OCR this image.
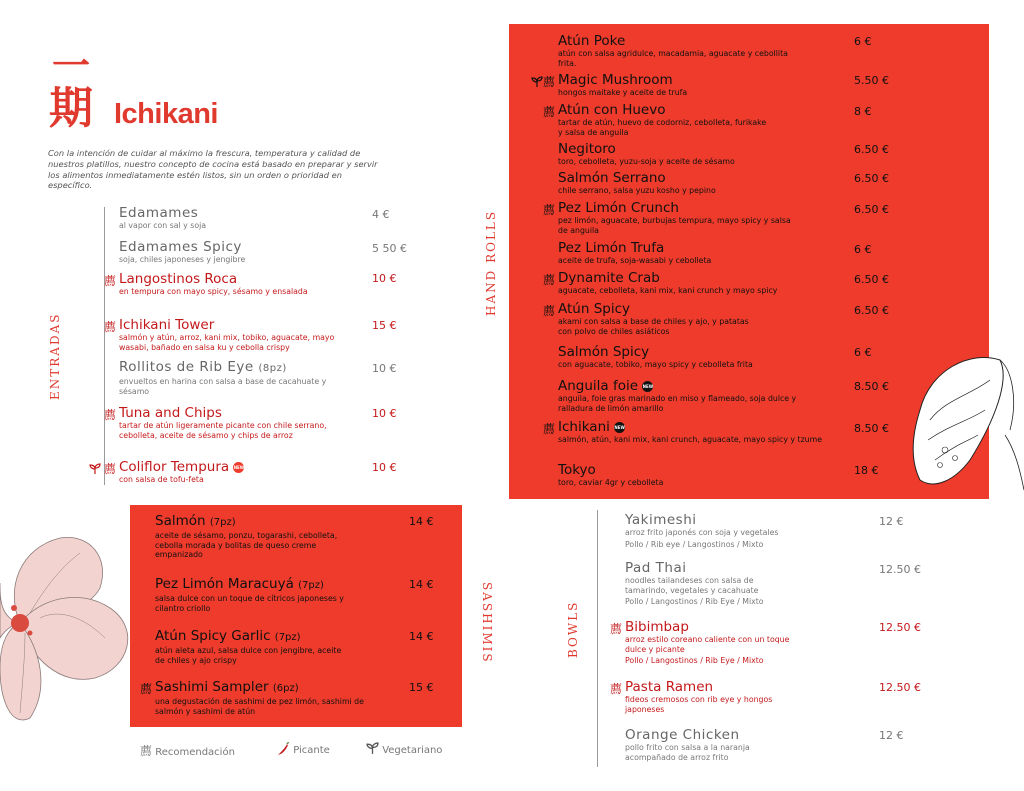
一
期 Ichikani
Con la intención de cuidar al máximo la frescura, temperatura y calidad de nuestros platillos, nuestro concepto de cocina está basado en preparar y servir los alimentos inmediatamente estén listos, sin un orden o prioridad en específico.
ENTRADAS
Edamames
al vapor con sal y soja
4 €
Edamames Spicy
soja, chiles japoneses y jengibre
5 50 €
薦 Langostinos Roca
en tempura con mayo spicy, sésamo y ensalada
10 €
薦 Ichikani Tower
salmón y atún, arroz, kani mix, tobiko, aguacate, mayo wasabi, bañado en salsa ku y cebolla crispy
15 €
Rollitos de Rib Eye (8pz)
envueltos en harina con salsa a base de cacahuate y sésamo
10 €
薦 Tuna and Chips
tartar de atún ligeramente picante con chile serrano, cebolleta, aceite de sésamo y chips de arroz
10 €
薦 Coliflor Tempura NEW
con salsa de tofu-feta
10 €
HAND ROLLS
Atún Poke
atún con salsa agridulce, macadamia, aguacate y cebollita frita.
6 €
薦 Magic Mushroom
hongos maitake y aceite de trufa
5.50 €
薦 Atún con Huevo
tartar de atún, huevo de codorniz, cebolleta, furikake y salsa de anguila
8 €
Negitoro
toro, cebolleta, yuzu-soja y aceite de sésamo
6.50 €
Salmón Serrano
chile serrano, salsa yuzu kosho y pepino
6.50 €
薦 Pez Limón Crunch
pez limón, aguacate, burbujas tempura, mayo spicy y salsa de anguila
6.50 €
Pez Limón Trufa
aceite de trufa, soja-wasabi y cebolleta
6 €
薦 Dynamite Crab
aguacate, cebolleta, kani mix, kani crunch y mayo spicy
6.50 €
薦 Atún Spicy
akami con salsa a base de chiles y ajo, y patatas con polvo de chiles asiáticos
6.50 €
Salmón Spicy
con aguacate, tobiko, mayo spicy y cebolleta frita
6 €
Anguila foie NEW
anguila, foie gras marinado en miso y flameado, soja dulce y ralladura de limón amarillo
8.50 €
薦 Ichikani NEW
salmón, atún, kani mix, kani crunch, aguacate, mayo spicy y tzume
8.50 €
Tokyo
toro, caviar 4gr y cebolleta
18 €
SASHIMIS
Salmón (7pz)
aceite de sésamo, ponzu, togarashi, cebolleta, cebolla morada y bolitas de queso creme empanizado
14 €
Pez Limón Maracuyá (7pz)
salsa dulce con un toque de cítricos japoneses y cilantro criollo
14 €
Atún Spicy Garlic (7pz)
atún aleta azul, salsa dulce con jengibre, aceite de chiles y ajo crispy
14 €
薦 Sashimi Sampler (6pz)
una degustación de sashimi de pez limón, sashimi de salmón y sashimi de atún
15 €
BOWLS
Yakimeshi
arroz frito japonés con soja y vegetales
Pollo / Rib eye / Langostinos / Mixto
12 €
Pad Thai
noodles tailandeses con salsa de tamarindo, vegetales y cacahuate
Pollo / Langostinos / Rib Eye / Mixto
12.50 €
薦 Bibimbap
arroz estilo coreano caliente con un toque dulce y picante
Pollo / Langostinos / Rib Eye / Mixto
12.50 €
薦 Pasta Ramen
fideos cremosos con rib eye y hongos japoneses
12.50 €
Orange Chicken
pollo frito con salsa a la naranja acompañado de arroz frito
12 €
薦 Recomendación	Picante	Vegetariano
